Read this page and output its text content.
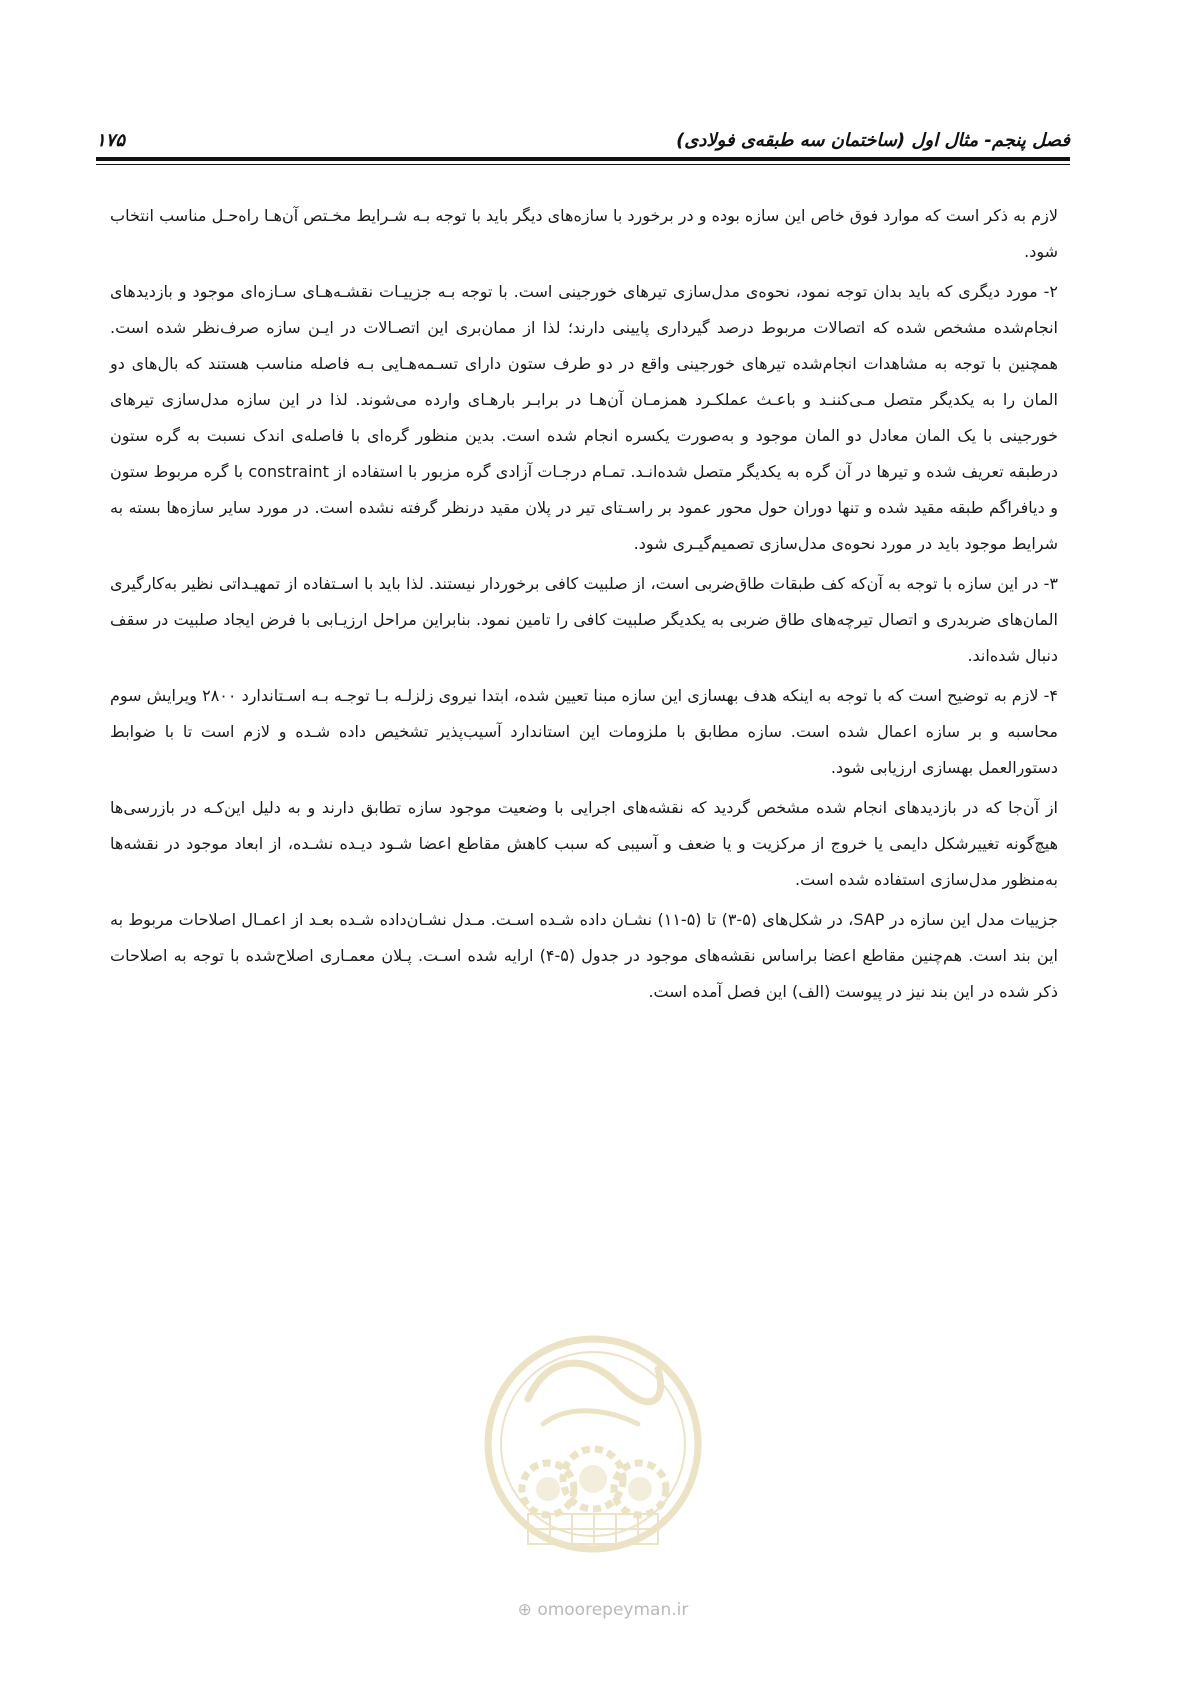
فصل پنجم- مثال اول (ساختمان سه طبقه‌ی فولادی)
۱۷۵

لازم به ذکر است که موارد فوق خاص این سازه بوده و در برخورد با سازه‌های دیگر باید با توجه بـه شـرایط مخـتص آن‌هـا راه‌حـل مناسب انتخاب شود.

۲- مورد دیگری که باید بدان توجه نمود، نحوه‌ی مدل‌سازی تیرهای خورجینی است. با توجه بـه جزییـات نقشـه‌هـای سـازه‌ای موجود و بازدیدهای انجام‌شده مشخص شده که اتصالات مربوط درصد گیرداری پایینی دارند؛ لذا از ممان‌بری این اتصـالات در ایـن سازه صرف‌نظر شده است. همچنین با توجه به مشاهدات انجام‌شده تیرهای خورجینی واقع در دو طرف ستون دارای تسـمه‌هـایی بـه فاصله مناسب هستند که بال‌های دو المان را به یکدیگر متصل مـی‌کننـد و باعـث عملکـرد همزمـان آن‌هـا در برابـر بارهـای وارده می‌شوند. لذا در این سازه مدل‌سازی تیرهای خورجینی با یک المان معادل دو المان موجود و به‌صورت یکسره انجام شده است. بدین منظور گره‌ای با فاصله‌ی اندک نسبت به گره ستون درطبقه تعریف شده و تیرها در آن گره به یکدیگر متصل شده‌انـد. تمـام درجـات آزادی گره مزبور با استفاده از constraint با گره مربوط ستون و دیافراگم طبقه مقید شده و تنها دوران حول محور عمود بر راسـتای تیر در پلان مقید درنظر گرفته نشده است. در مورد سایر سازه‌ها بسته به شرایط موجود باید در مورد نحوه‌ی مدل‌سازی تصمیم‌گیـری شود.

۳- در این سازه با توجه به آن‌که کف طبقات طاق‌ضربی است، از صلبیت کافی برخوردار نیستند. لذا باید با اسـتفاده از تمهیـداتی نظیر به‌کارگیری المان‌های ضربدری و اتصال تیرچه‌های طاق ضربی به یکدیگر صلبیت کافی را تامین نمود. بنابراین مراحل ارزیـابی با فرض ایجاد صلبیت در سقف دنبال شده‌اند.

۴- لازم به توضیح است که با توجه به اینکه هدف بهسازی این سازه مبنا تعیین شده، ابتدا نیروی زلزلـه بـا توجـه بـه اسـتاندارد ۲۸۰۰ ویرایش سوم محاسبه و بر سازه اعمال شده است. سازه مطابق با ملزومات این استاندارد آسیب‌پذیر تشخیص داده شـده و لازم است تا با ضوابط دستورالعمل بهسازی ارزیابی شود.

از آن‌جا که در بازدیدهای انجام شده مشخص گردید که نقشه‌های اجرایی با وضعیت موجود سازه تطابق دارند و به دلیل این‌کـه در بازرسی‌ها هیچ‌گونه تغییرشکل دایمی یا خروج از مرکزیت و یا ضعف و آسیبی که سبب کاهش مقاطع اعضا شـود دیـده نشـده، از ابعاد موجود در نقشه‌ها به‌منظور مدل‌سازی استفاده شده است.

جزییات مدل این سازه در SAP، در شکل‌های (۵-۳) تا (۵-۱۱) نشـان داده شـده اسـت. مـدل نشـان‌داده شـده بعـد از اعمـال اصلاحات مربوط به این بند است. هم‌چنین مقاطع اعضا براساس نقشه‌های موجود در جدول (۵-۴) ارایه شده اسـت. پـلان معمـاری اصلاح‌شده با توجه به اصلاحات ذکر شده در این بند نیز در پیوست (الف) این فصل آمده است.

⊕ omoorepeyman.ir
